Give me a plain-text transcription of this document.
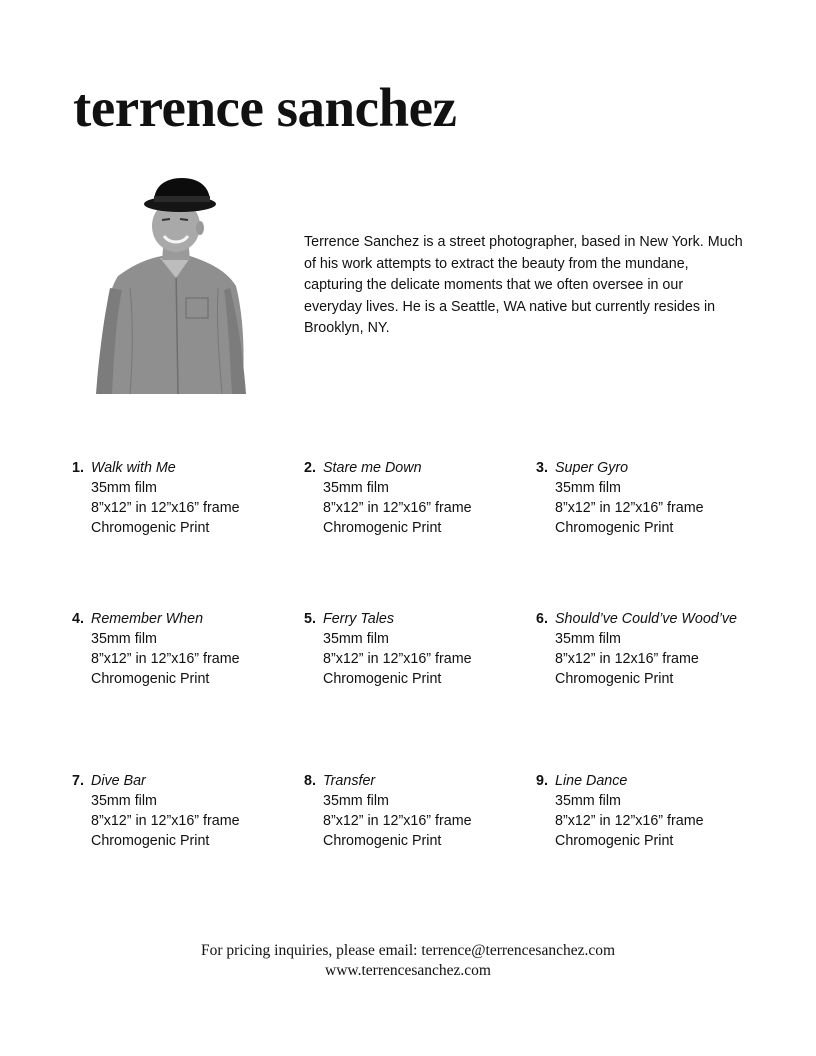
terrence sanchez

Terrence Sanchez is a street photographer, based in New York. Much of his work attempts to extract the beauty from the mundane, capturing the delicate moments that we often oversee in our everyday lives. He is a Seattle, WA native but currently resides in Brooklyn, NY.

1. Walk with Me
35mm film
8”x12” in 12”x16” frame
Chromogenic Print
2. Stare me Down
35mm film
8”x12” in 12”x16” frame
Chromogenic Print
3. Super Gyro
35mm film
8”x12” in 12”x16” frame
Chromogenic Print
4. Remember When
35mm film
8”x12” in 12”x16” frame
Chromogenic Print
5. Ferry Tales
35mm film
8”x12” in 12”x16” frame
Chromogenic Print
6. Should’ve Could’ve Wood’ve
35mm film
8”x12” in 12x16” frame
Chromogenic Print
7. Dive Bar
35mm film
8”x12” in 12”x16” frame
Chromogenic Print
8. Transfer
35mm film
8”x12” in 12”x16” frame
Chromogenic Print
9. Line Dance
35mm film
8”x12” in 12”x16” frame
Chromogenic Print
For pricing inquiries, please email: terrence@terrencesanchez.com
www.terrencesanchez.com
